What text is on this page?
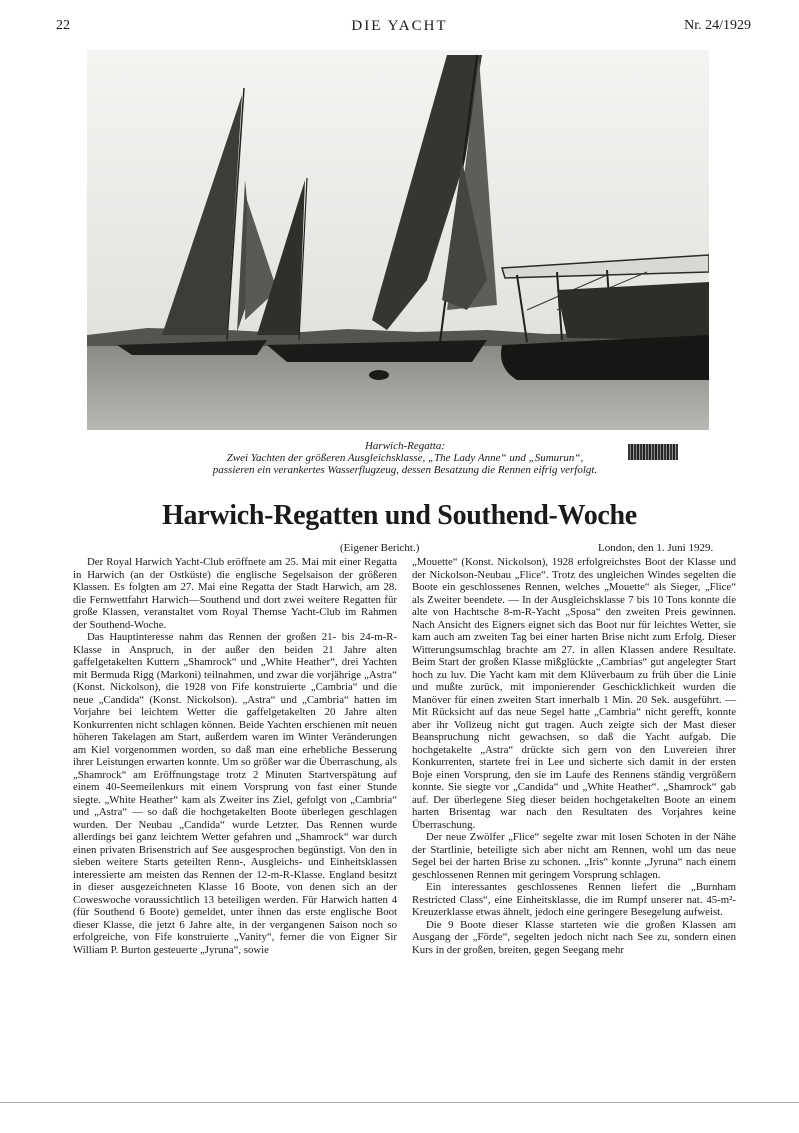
22	DIE YACHT	Nr. 24/1929
Harwich-Regatta:
Zwei Yachten der größeren Ausgleichsklasse, „The Lady Anne“ und „Sumurun“,
passieren ein verankertes Wasserflugzeug, dessen Besatzung die Rennen eifrig verfolgt.
Harwich-Regatten und Southend-Woche
(Eigener Bericht.)	London, den 1. Juni 1929.

Der Royal Harwich Yacht-Club eröffnete am 25. Mai mit einer Regatta in Harwich (an der Ostküste) die englische Segelsaison der größeren Klassen. Es folgten am 27. Mai eine Regatta der Stadt Harwich, am 28. die Fernwettfahrt Harwich—Southend und dort zwei weitere Regatten für große Klassen, veranstaltet vom Royal Themse Yacht-Club im Rahmen der Southend-Woche.

Das Hauptinteresse nahm das Rennen der großen 21- bis 24-m-R-Klasse in Anspruch, in der außer den beiden 21 Jahre alten gaffelgetakelten Kuttern „Shamrock“ und „White Heather“, drei Yachten mit Bermuda Rigg (Markoni) teilnahmen, und zwar die vorjährige „Astra“ (Konst. Nickolson), die 1928 von Fife konstruierte „Cambria“ und die neue „Candida“ (Konst. Nickolson). „Astra“ und „Cambria“ hatten im Vorjahre bei leichtem Wetter die gaffelgetakelten 20 Jahre alten Konkurrenten nicht schlagen können. Beide Yachten erschienen mit neuen höheren Takelagen am Start, außerdem waren im Winter Veränderungen am Kiel vorgenommen worden, so daß man eine erhebliche Besserung ihrer Leistungen erwarten konnte. Um so größer war die Überraschung, als „Shamrock“ am Eröffnungstage trotz 2 Minuten Startverspätung auf einem 40-Seemeilenkurs mit einem Vorsprung von fast einer Stunde siegte. „White Heather“ kam als Zweiter ins Ziel, gefolgt von „Cambria“ und „Astra“ — so daß die hochgetakelten Boote überlegen geschlagen wurden. Der Neubau „Candida“ wurde Letzter. Das Rennen wurde allerdings bei ganz leichtem Wetter gefahren und „Shamrock“ war durch einen privaten Brisenstrich auf See ausgesprochen begünstigt. Von den in sieben weitere Starts geteilten Renn-, Ausgleichs- und Einheitsklassen interessierte am meisten das Rennen der 12-m-R-Klasse. England besitzt in dieser ausgezeichneten Klasse 16 Boote, von denen sich an der Coweswoche voraussichtlich 13 beteiligen werden. Für Harwich hatten 4 (für Southend 6 Boote) gemeldet, unter ihnen das erste englische Boot dieser Klasse, die jetzt 6 Jahre alte, in der vergangenen Saison noch so erfolgreiche, von Fife konstruierte „Vanity“, ferner die von Eigner Sir William P. Burton gesteuerte „Jyruna“, sowie

„Mouette“ (Konst. Nickolson), 1928 erfolgreichstes Boot der Klasse und der Nickolson-Neubau „Flice“. Trotz des ungleichen Windes segelten die Boote ein geschlossenes Rennen, welches „Mouette“ als Sieger, „Flice“ als Zweiter beendete. — In der Ausgleichsklasse 7 bis 10 Tons konnte die alte von Hachtsche 8-m-R-Yacht „Sposa“ den zweiten Preis gewinnen. Nach Ansicht des Eigners eignet sich das Boot nur für leichtes Wetter, sie kam auch am zweiten Tag bei einer harten Brise nicht zum Erfolg. Dieser Witterungsumschlag brachte am 27. in allen Klassen andere Resultate. Beim Start der großen Klasse mißglückte „Cambrias“ gut angelegter Start hoch zu luv. Die Yacht kam mit dem Klüverbaum zu früh über die Linie und mußte zurück, mit imponierender Geschicklichkeit wurden die Manöver für einen zweiten Start innerhalb 1 Min. 20 Sek. ausgeführt. — Mit Rücksicht auf das neue Segel hatte „Cambria“ nicht gerefft, konnte aber ihr Vollzeug nicht gut tragen. Auch zeigte sich der Mast dieser Beanspruchung nicht gewachsen, so daß die Yacht aufgab. Die hochgetakelte „Astra“ drückte sich gern von den Luvereien ihrer Konkurrenten, startete frei in Lee und sicherte sich damit in der ersten Boje einen Vorsprung, den sie im Laufe des Rennens ständig vergrößern konnte. Sie siegte vor „Candida“ und „White Heather“. „Shamrock“ gab auf. Der überlegene Sieg dieser beiden hochgetakelten Boote an einem harten Brisentag war nach den Resultaten des Vorjahres keine Überraschung.

Der neue Zwölfer „Flice“ segelte zwar mit losen Schoten in der Nähe der Startlinie, beteiligte sich aber nicht am Rennen, wohl um das neue Segel bei der harten Brise zu schonen. „Iris“ konnte „Jyruna“ nach einem geschlossenen Rennen mit geringem Vorsprung schlagen.

Ein interessantes geschlossenes Rennen liefert die „Burnham Restricted Class“, eine Einheitsklasse, die im Rumpf unserer nat. 45-m²-Kreuzerklasse etwas ähnelt, jedoch eine geringere Besegelung aufweist.

Die 9 Boote dieser Klasse starteten wie die großen Klassen am Ausgang der „Förde“, segelten jedoch nicht nach See zu, sondern einen Kurs in der großen, breiten, gegen Seegang mehr
